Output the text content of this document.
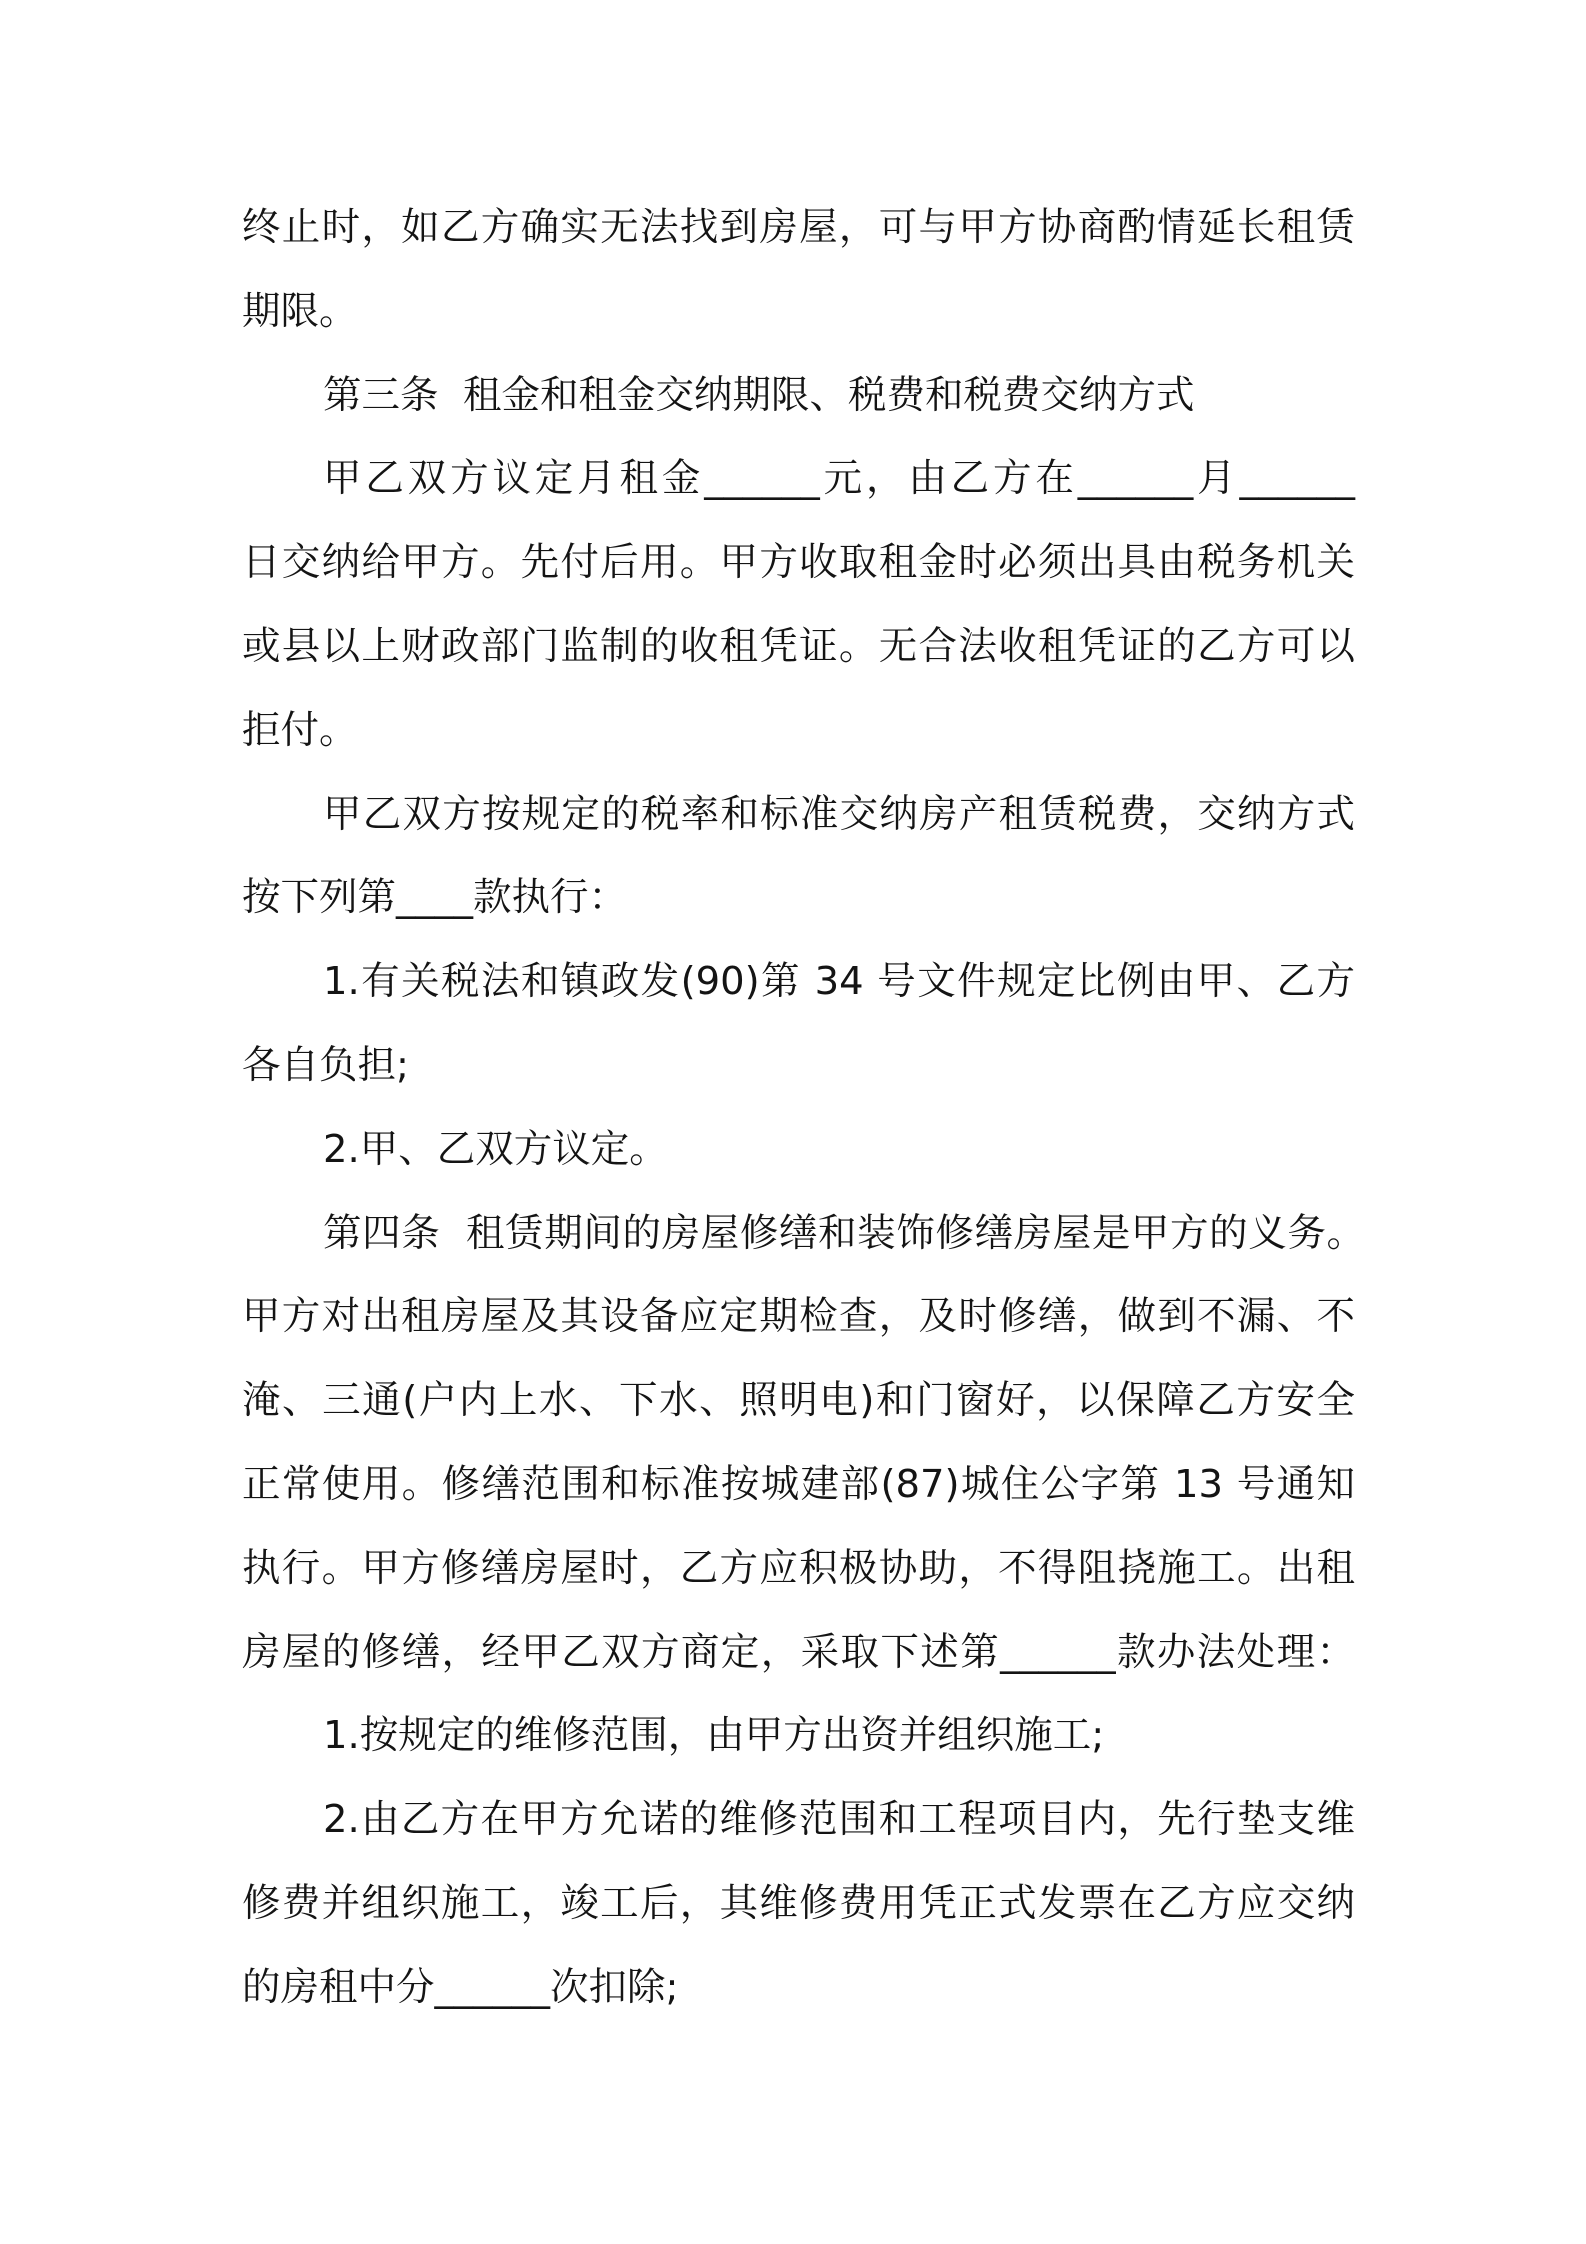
终止时，如乙方确实无法找到房屋，可与甲方协商酌情延长租赁
期限。
第三条  租金和租金交纳期限、税费和税费交纳方式
甲乙双方议定月租金______元，由乙方在______月______
日交纳给甲方。先付后用。甲方收取租金时必须出具由税务机关
或县以上财政部门监制的收租凭证。无合法收租凭证的乙方可以
拒付。
甲乙双方按规定的税率和标准交纳房产租赁税费，交纳方式
按下列第____款执行：
1.有关税法和镇政发(90)第 34 号文件规定比例由甲、乙方
各自负担;
2.甲、乙双方议定。
第四条  租赁期间的房屋修缮和装饰修缮房屋是甲方的义务。
甲方对出租房屋及其设备应定期检查，及时修缮，做到不漏、不
淹、三通(户内上水、下水、照明电)和门窗好，以保障乙方安全
正常使用。修缮范围和标准按城建部(87)城住公字第 13 号通知
执行。甲方修缮房屋时，乙方应积极协助，不得阻挠施工。出租
房屋的修缮，经甲乙双方商定，采取下述第______款办法处理：
1.按规定的维修范围，由甲方出资并组织施工;
2.由乙方在甲方允诺的维修范围和工程项目内，先行垫支维
修费并组织施工，竣工后，其维修费用凭正式发票在乙方应交纳
的房租中分______次扣除;
